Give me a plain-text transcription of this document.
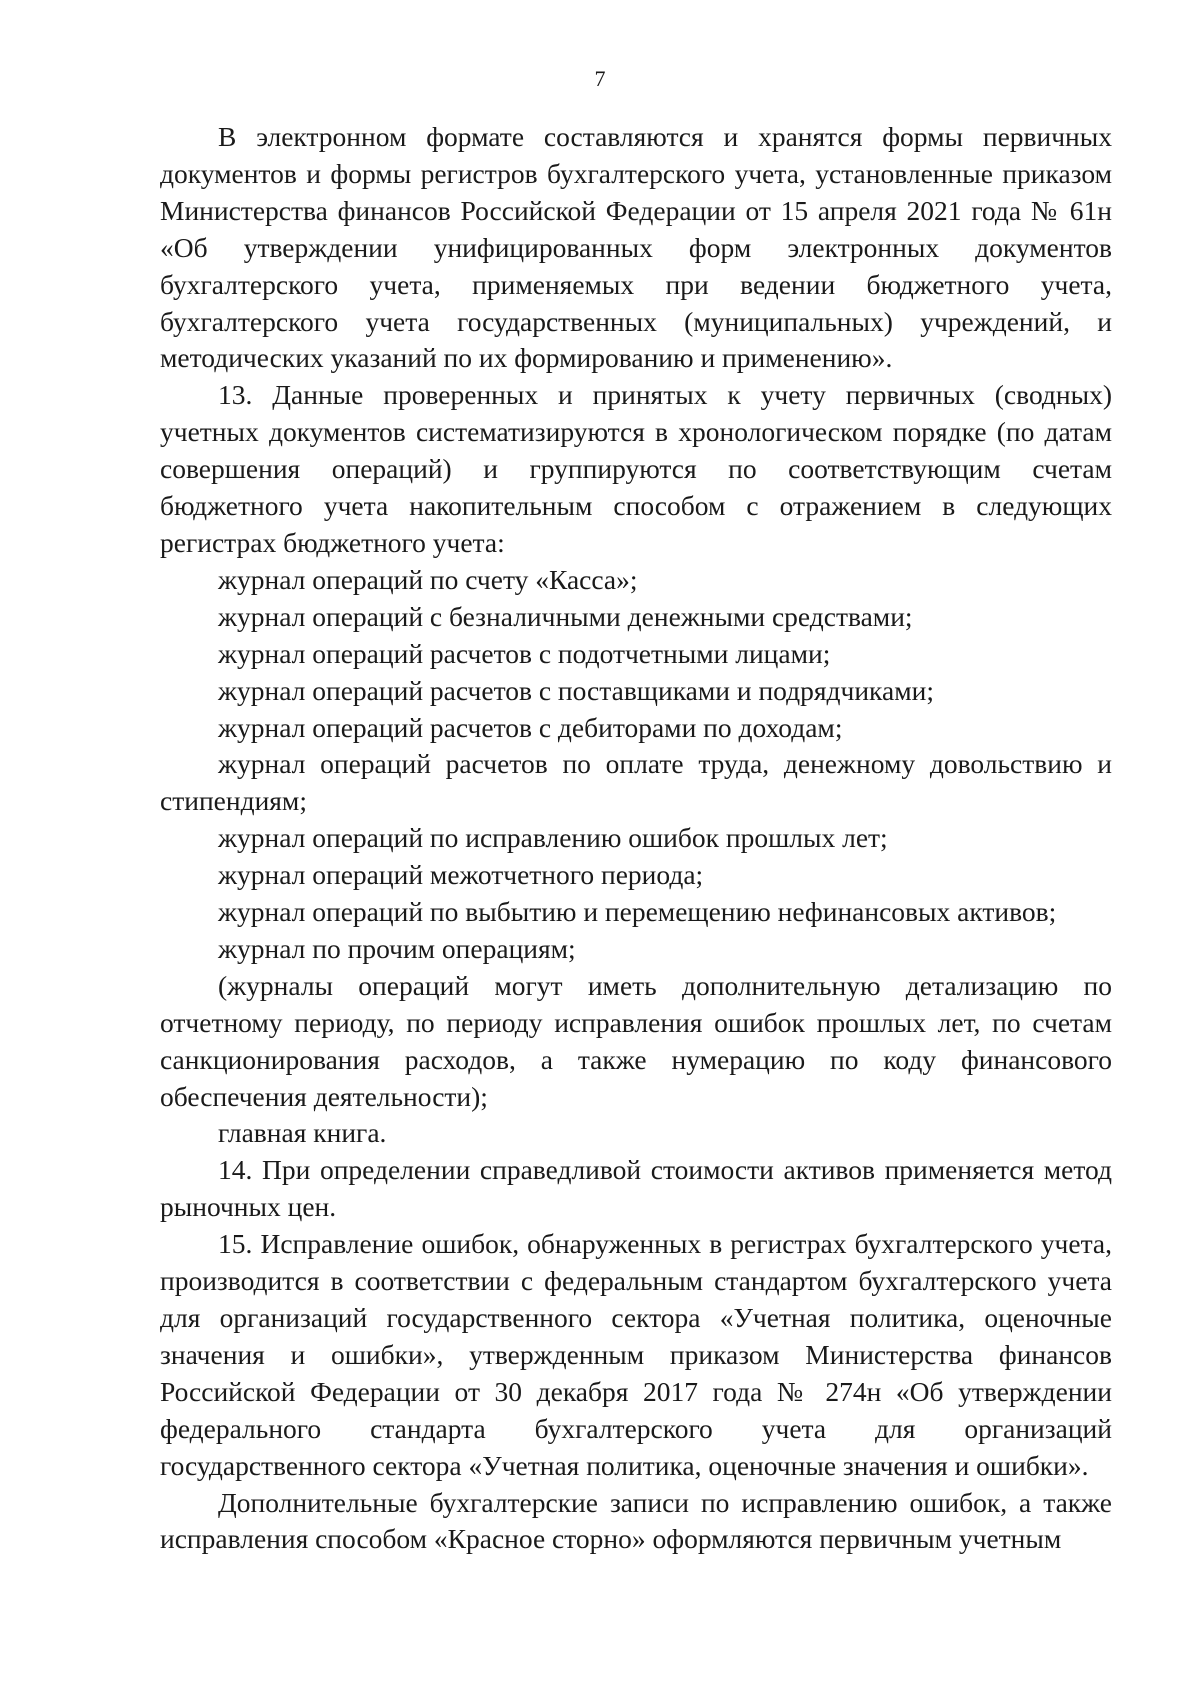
7

В электронном формате составляются и хранятся формы первичных документов и формы регистров бухгалтерского учета, установленные приказом Министерства финансов Российской Федерации от 15 апреля 2021 года № 61н «Об утверждении унифицированных форм электронных документов бухгалтерского учета, применяемых при ведении бюджетного учета, бухгалтерского учета государственных (муниципальных) учреждений, и методических указаний по их формированию и применению».

13. Данные проверенных и принятых к учету первичных (сводных) учетных документов систематизируются в хронологическом порядке (по датам совершения операций) и группируются по соответствующим счетам бюджетного учета накопительным способом с отражением в следующих регистрах бюджетного учета:

журнал операций по счету «Касса»;

журнал операций с безналичными денежными средствами;

журнал операций расчетов с подотчетными лицами;

журнал операций расчетов с поставщиками и подрядчиками;

журнал операций расчетов с дебиторами по доходам;

журнал операций расчетов по оплате труда, денежному довольствию и стипендиям;

журнал операций по исправлению ошибок прошлых лет;

журнал операций межотчетного периода;

журнал операций по выбытию и перемещению нефинансовых активов;

журнал по прочим операциям;

(журналы операций могут иметь дополнительную детализацию по отчетному периоду, по периоду исправления ошибок прошлых лет, по счетам санкционирования расходов, а также нумерацию по коду финансового обеспечения деятельности);

главная книга.

14. При определении справедливой стоимости активов применяется метод рыночных цен.

15. Исправление ошибок, обнаруженных в регистрах бухгалтерского учета, производится в соответствии с федеральным стандартом бухгалтерского учета для организаций государственного сектора «Учетная политика, оценочные значения и ошибки», утвержденным приказом Министерства финансов Российской Федерации от 30 декабря 2017 года № 274н «Об утверждении федерального стандарта бухгалтерского учета для организаций государственного сектора «Учетная политика, оценочные значения и ошибки».

Дополнительные бухгалтерские записи по исправлению ошибок, а также исправления способом «Красное сторно» оформляются первичным учетным
